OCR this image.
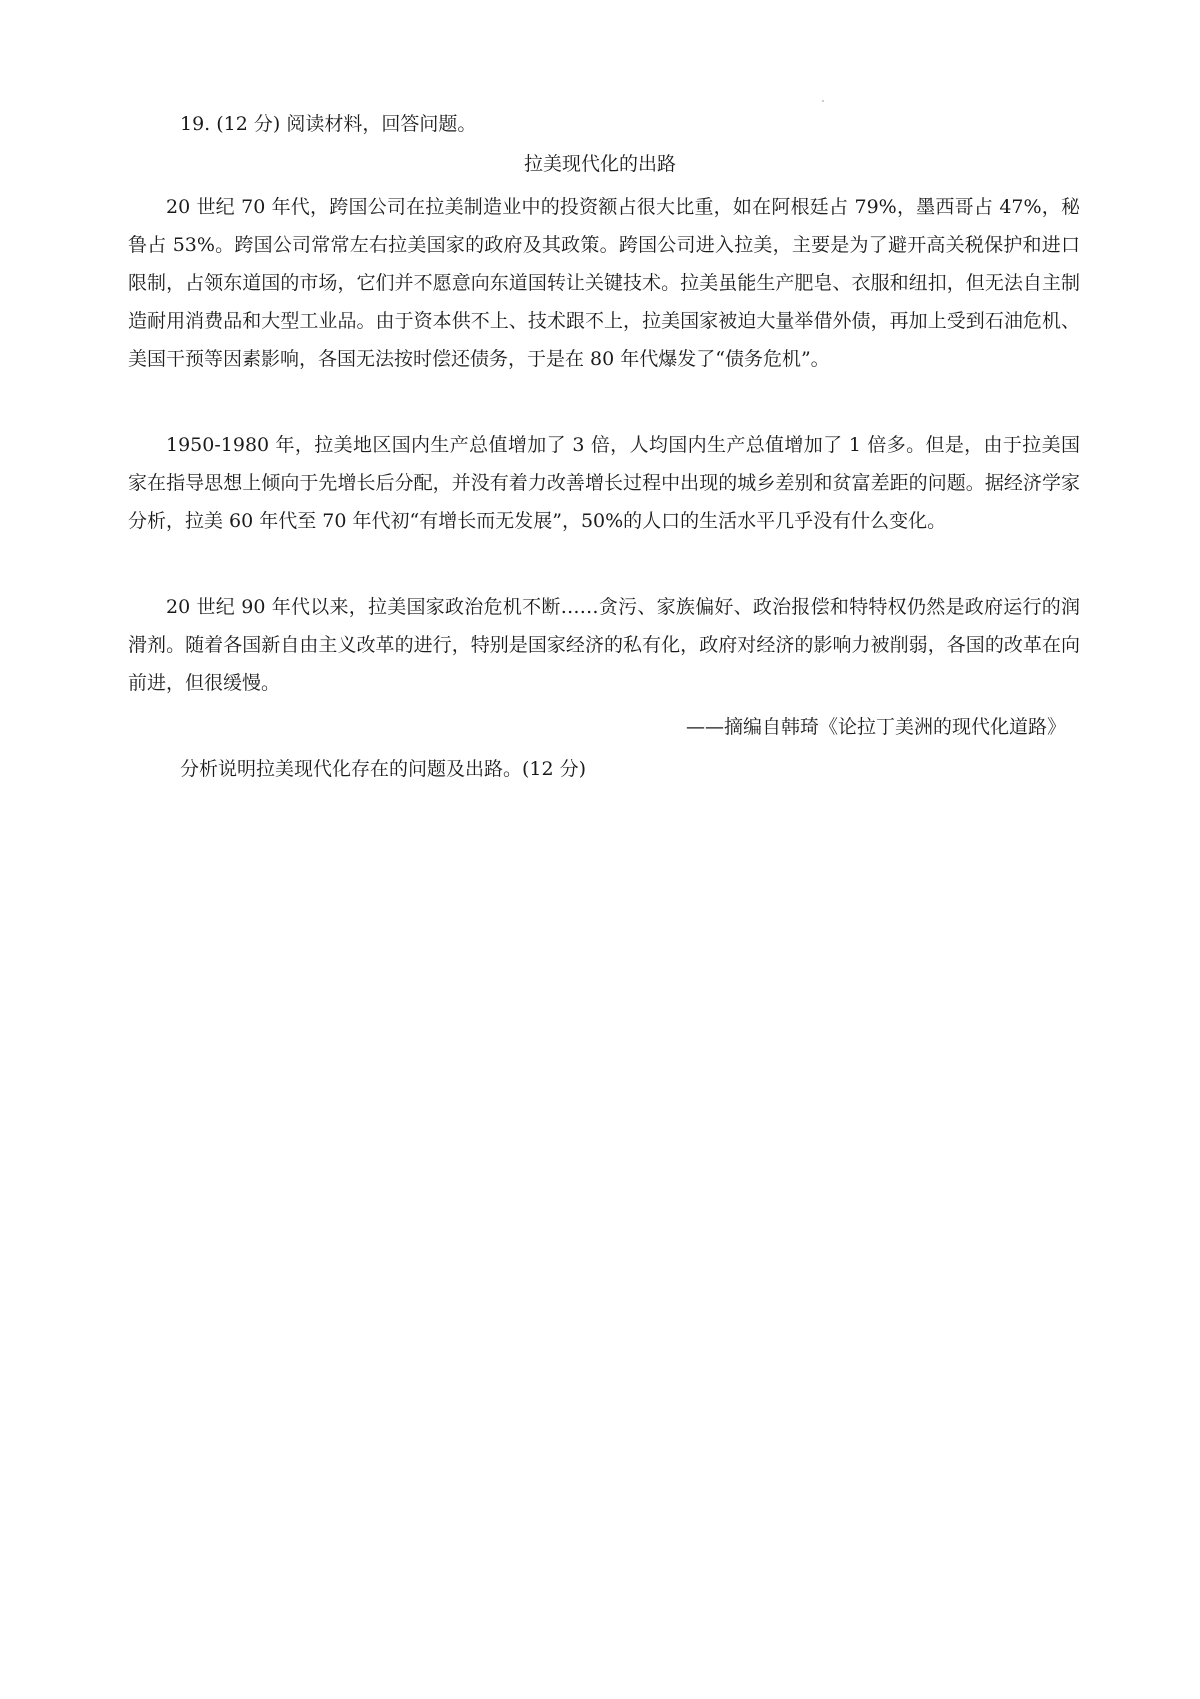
19. (12 分) 阅读材料，回答问题。
拉美现代化的出路
20 世纪 70 年代，跨国公司在拉美制造业中的投资额占很大比重，如在阿根廷占 79%，墨西哥占 47%，秘鲁占 53%。跨国公司常常左右拉美国家的政府及其政策。跨国公司进入拉美，主要是为了避开高关税保护和进口限制，占领东道国的市场，它们并不愿意向东道国转让关键技术。拉美虽能生产肥皂、衣服和纽扣，但无法自主制造耐用消费品和大型工业品。由于资本供不上、技术跟不上，拉美国家被迫大量举借外债，再加上受到石油危机、美国干预等因素影响，各国无法按时偿还债务，于是在 80 年代爆发了“债务危机”。
1950-1980 年，拉美地区国内生产总值增加了 3 倍，人均国内生产总值增加了 1 倍多。但是，由于拉美国家在指导思想上倾向于先增长后分配，并没有着力改善增长过程中出现的城乡差别和贫富差距的问题。据经济学家分析，拉美 60 年代至 70 年代初“有增长而无发展”，50%的人口的生活水平几乎没有什么变化。
20 世纪 90 年代以来，拉美国家政治危机不断……贪污、家族偏好、政治报偿和特特权仍然是政府运行的润滑剂。随着各国新自由主义改革的进行，特别是国家经济的私有化，政府对经济的影响力被削弱，各国的改革在向前进，但很缓慢。
——摘编自韩琦《论拉丁美洲的现代化道路》
分析说明拉美现代化存在的问题及出路。(12 分)
